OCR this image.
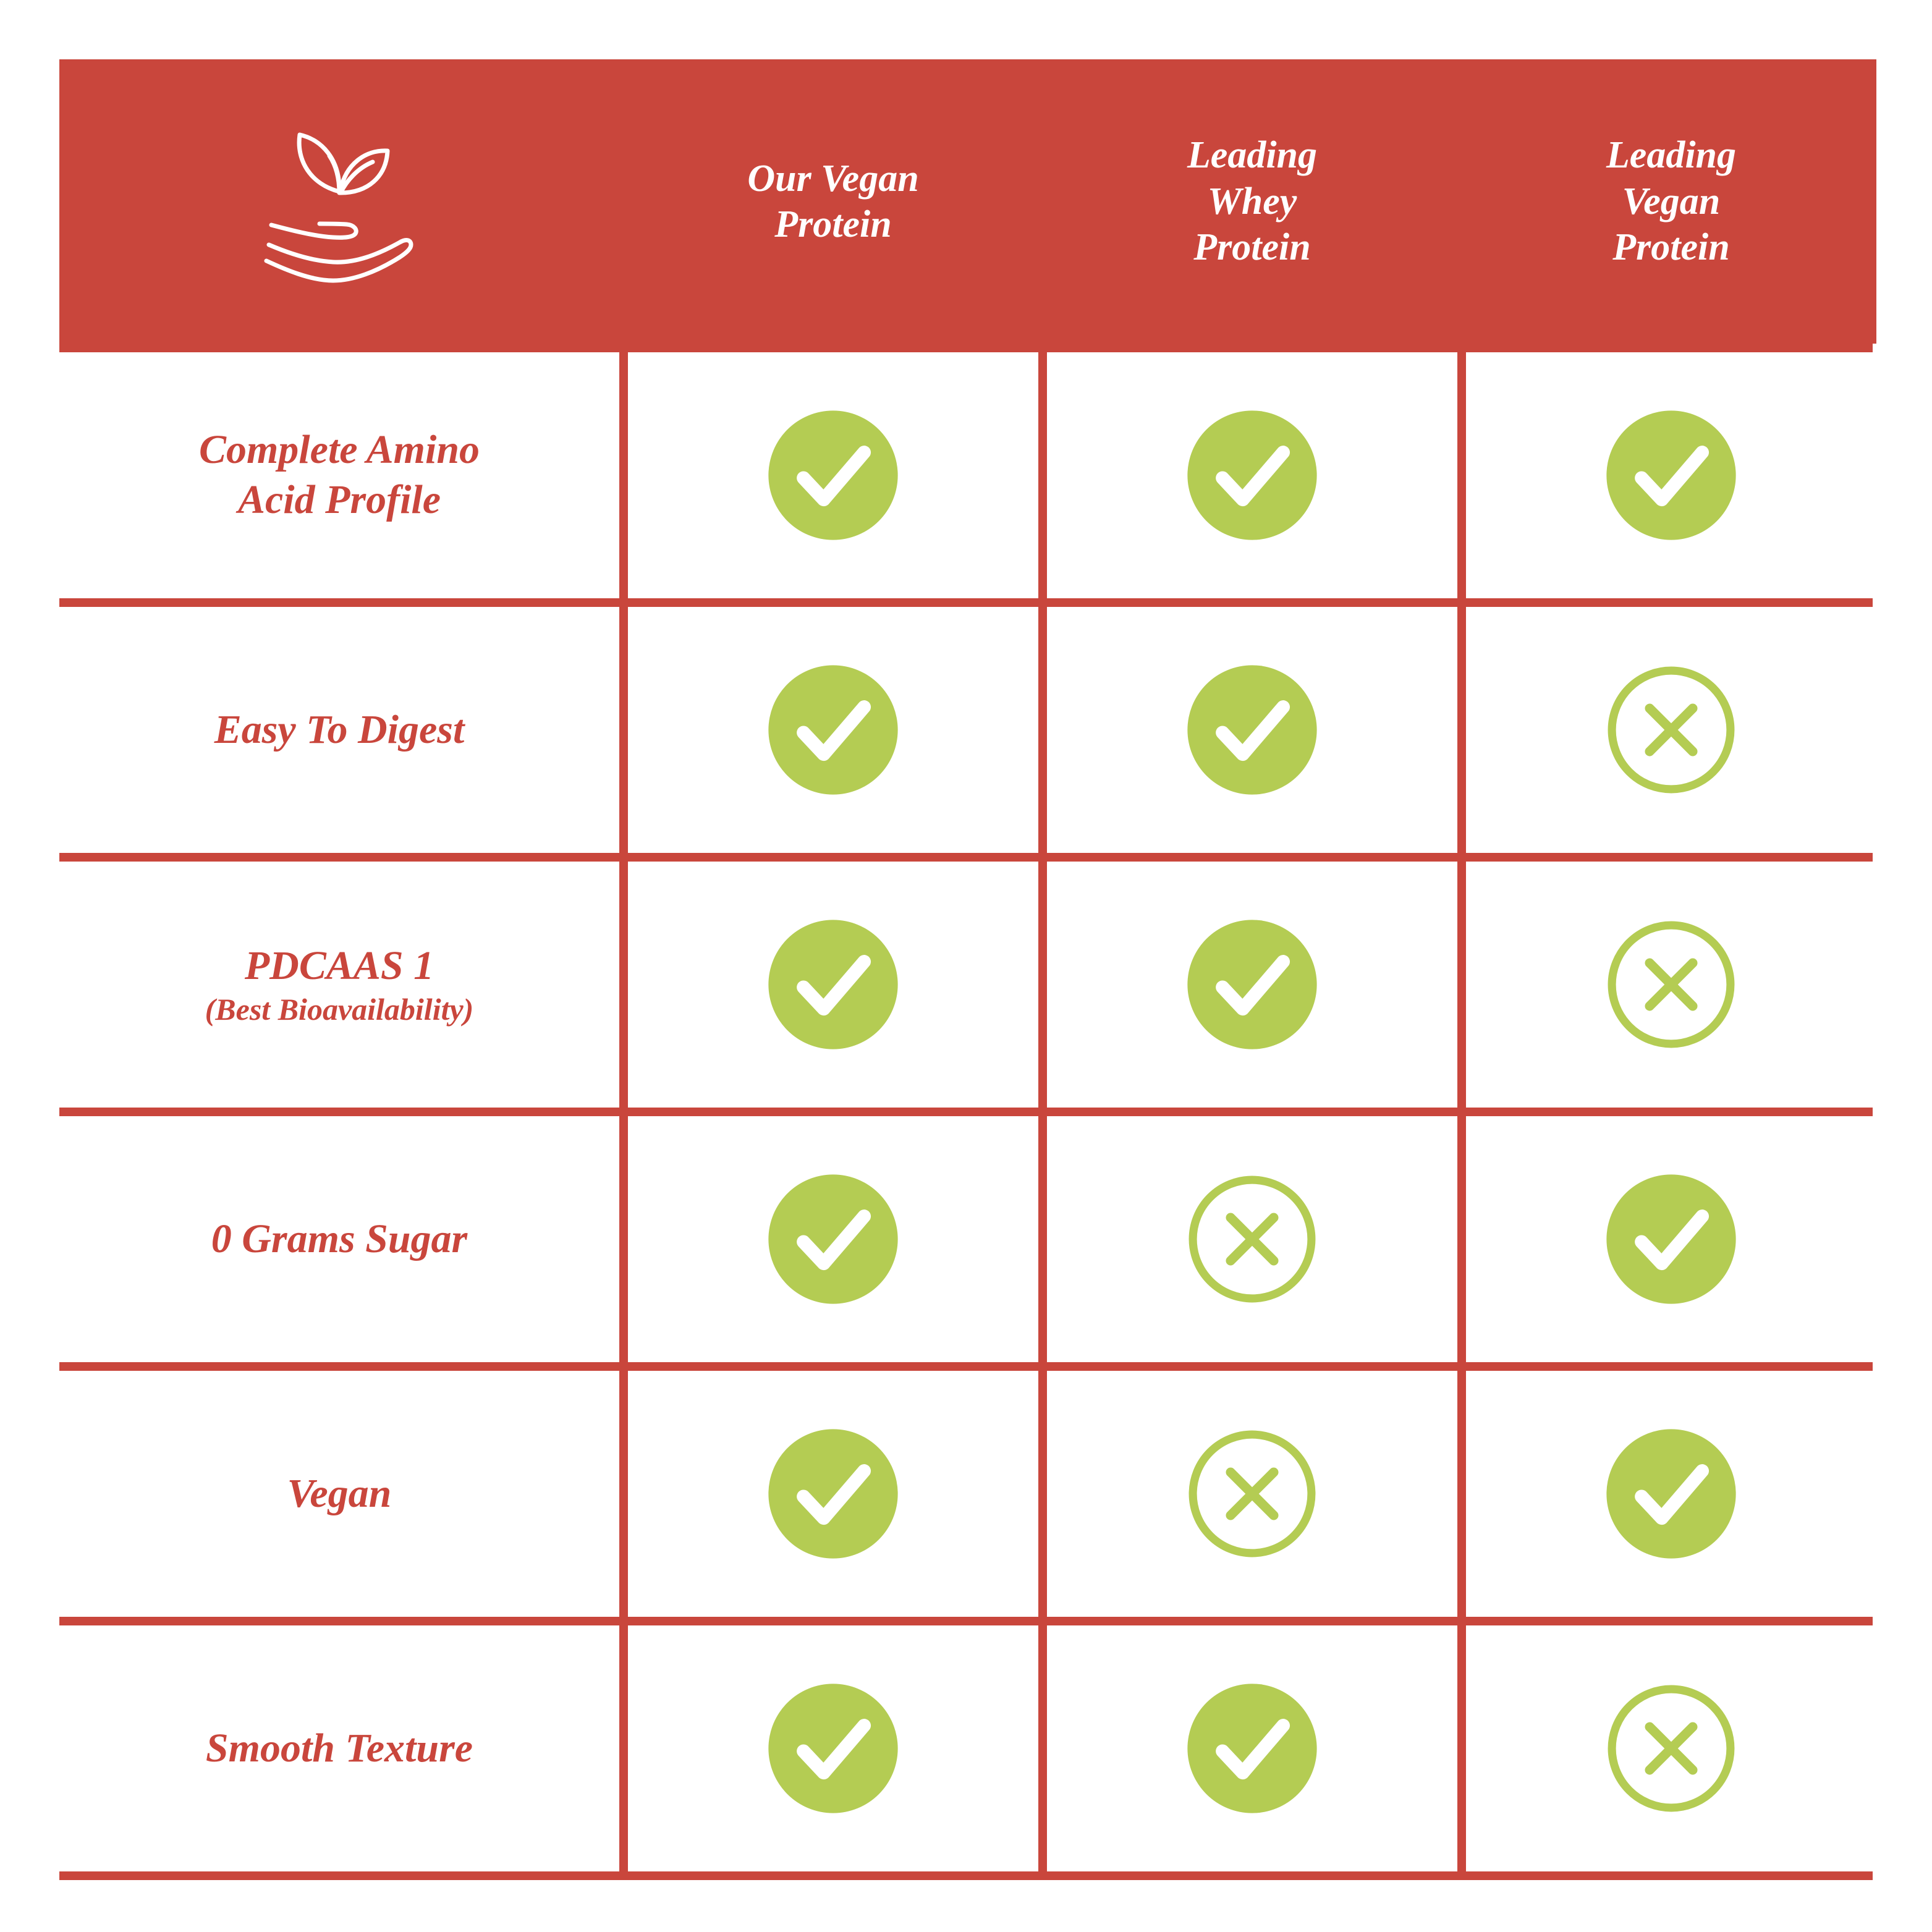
Our Vegan
Protein
Leading
Whey
Protein
Leading
Vegan
Protein
Complete Amino
Acid Profile
Easy To Digest
PDCAAS 1
(Best Bioavailability)
0 Grams Sugar
Vegan
Smooth Texture
